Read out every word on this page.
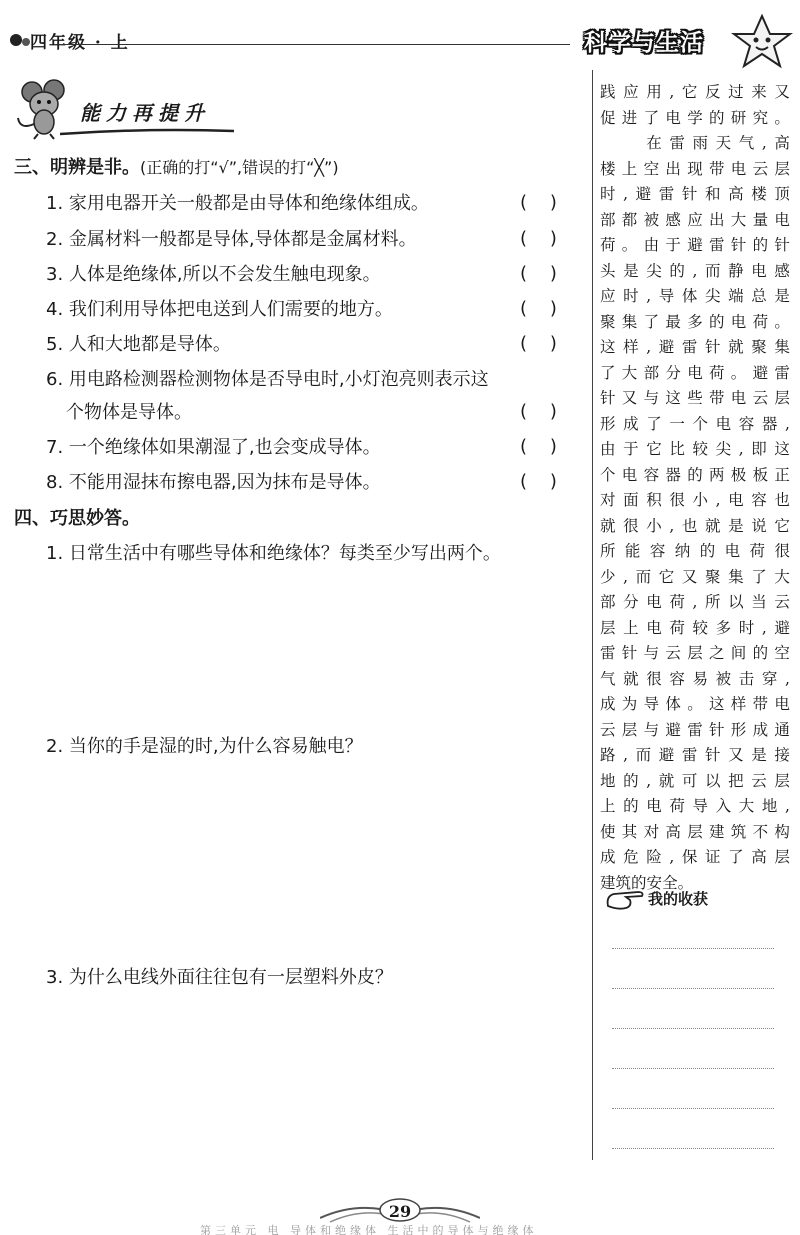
四年级 · 上	科学与生活
能力再提升
三、明辨是非。(正确的打“√”,错误的打“╳”)
1. 家用电器开关一般都是由导体和绝缘体组成。	(    )
2. 金属材料一般都是导体,导体都是金属材料。	(    )
3. 人体是绝缘体,所以不会发生触电现象。	(    )
4. 我们利用导体把电送到人们需要的地方。	(    )
5. 人和大地都是导体。	(    )
6. 用电路检测器检测物体是否导电时,小灯泡亮则表示这
个物体是导体。	(    )
7. 一个绝缘体如果潮湿了,也会变成导体。	(    )
8. 不能用湿抹布擦电器,因为抹布是导体。	(    )
四、巧思妙答。
1. 日常生活中有哪些导体和绝缘体？每类至少写出两个。
2. 当你的手是湿的时,为什么容易触电？
3. 为什么电线外面往往包有一层塑料外皮？
践 应 用 , 它 反 过 来 又
促 进 了 电 学 的 研 究 。

在 雷 雨 天 气 , 高
楼 上 空 出 现 带 电 云 层
时 , 避 雷 针 和 高 楼 顶
部 都 被 感 应 出 大 量 电
荷 。 由 于 避 雷 针 的 针
头 是 尖 的 , 而 静 电 感
应 时 , 导 体 尖 端 总 是
聚 集 了 最 多 的 电 荷 。
这 样 , 避 雷 针 就 聚 集
了 大 部 分 电 荷 。 避 雷
针 又 与 这 些 带 电 云 层
形 成 了 一 个 电 容 器 ,
由 于 它 比 较 尖 , 即 这
个 电 容 器 的 两 极 板 正
对 面 积 很 小 , 电 容 也
就 很 小 , 也 就 是 说 它
所 能 容 纳 的 电 荷 很
少 , 而 它 又 聚 集 了 大
部 分 电 荷 , 所 以 当 云
层 上 电 荷 较 多 时 , 避
雷 针 与 云 层 之 间 的 空
气 就 很 容 易 被 击 穿 ,
成 为 导 体 。 这 样 带 电
云 层 与 避 雷 针 形 成 通
路 , 而 避 雷 针 又 是 接
地 的 , 就 可 以 把 云 层
上 的 电 荷 导 入 大 地 ,
使 其 对 高 层 建 筑 不 构
成 危 险 , 保 证 了 高 层
建 筑 的 安 全 。
我的收获
29
第三单元 电 导体和绝缘体 生活中的导体与绝缘体
